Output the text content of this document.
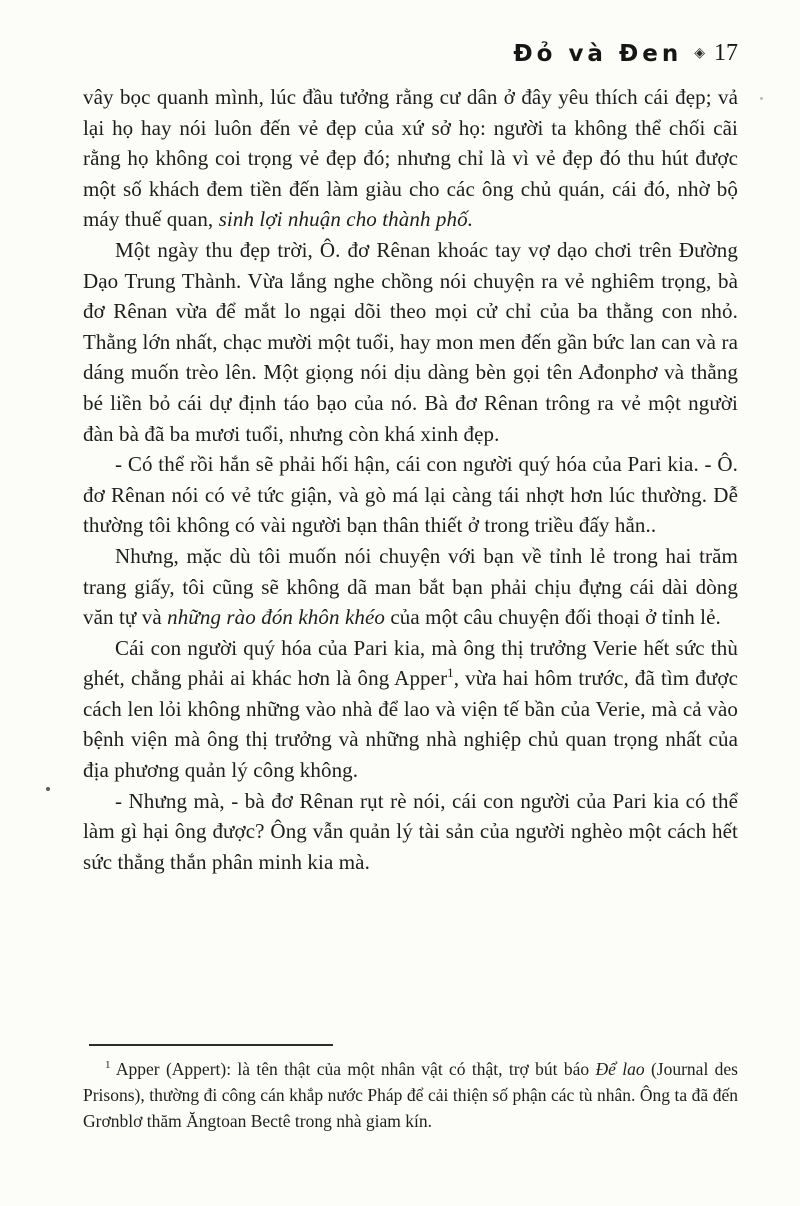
Đỏ và Đen ◈ 17

vây bọc quanh mình, lúc đầu tưởng rằng cư dân ở đây yêu thích cái đẹp; vả lại họ hay nói luôn đến vẻ đẹp của xứ sở họ: người ta không thể chối cãi rằng họ không coi trọng vẻ đẹp đó; nhưng chỉ là vì vẻ đẹp đó thu hút được một số khách đem tiền đến làm giàu cho các ông chủ quán, cái đó, nhờ bộ máy thuế quan, sinh lợi nhuận cho thành phố.

Một ngày thu đẹp trời, Ô. đơ Rênan khoác tay vợ dạo chơi trên Đường Dạo Trung Thành. Vừa lắng nghe chồng nói chuyện ra vẻ nghiêm trọng, bà đơ Rênan vừa để mắt lo ngại dõi theo mọi cử chỉ của ba thằng con nhỏ. Thằng lớn nhất, chạc mười một tuổi, hay mon men đến gần bức lan can và ra dáng muốn trèo lên. Một giọng nói dịu dàng bèn gọi tên Ađonphơ và thằng bé liền bỏ cái dự định táo bạo của nó. Bà đơ Rênan trông ra vẻ một người đàn bà đã ba mươi tuổi, nhưng còn khá xinh đẹp.

- Có thể rồi hắn sẽ phải hối hận, cái con người quý hóa của Pari kia. - Ô. đơ Rênan nói có vẻ tức giận, và gò má lại càng tái nhợt hơn lúc thường. Dễ thường tôi không có vài người bạn thân thiết ở trong triều đấy hẳn..

Nhưng, mặc dù tôi muốn nói chuyện với bạn về tỉnh lẻ trong hai trăm trang giấy, tôi cũng sẽ không dã man bắt bạn phải chịu đựng cái dài dòng văn tự và những rào đón khôn khéo của một câu chuyện đối thoại ở tỉnh lẻ.

Cái con người quý hóa của Pari kia, mà ông thị trưởng Verie hết sức thù ghét, chẳng phải ai khác hơn là ông Apper$^1$, vừa hai hôm trước, đã tìm được cách len lỏi không những vào nhà để lao và viện tế bần của Verie, mà cả vào bệnh viện mà ông thị trưởng và những nhà nghiệp chủ quan trọng nhất của địa phương quản lý công không.

- Nhưng mà, - bà đơ Rênan rụt rè nói, cái con người của Pari kia có thể làm gì hại ông được? Ông vẫn quản lý tài sản của người nghèo một cách hết sức thẳng thắn phân minh kia mà.

$^1$ Apper (Appert): là tên thật của một nhân vật có thật, trợ bút báo Để lao (Journal des Prisons), thường đi công cán khắp nước Pháp để cải thiện số phận các tù nhân. Ông ta đã đến Grơnblơ thăm Ăngtoan Bectê trong nhà giam kín.
